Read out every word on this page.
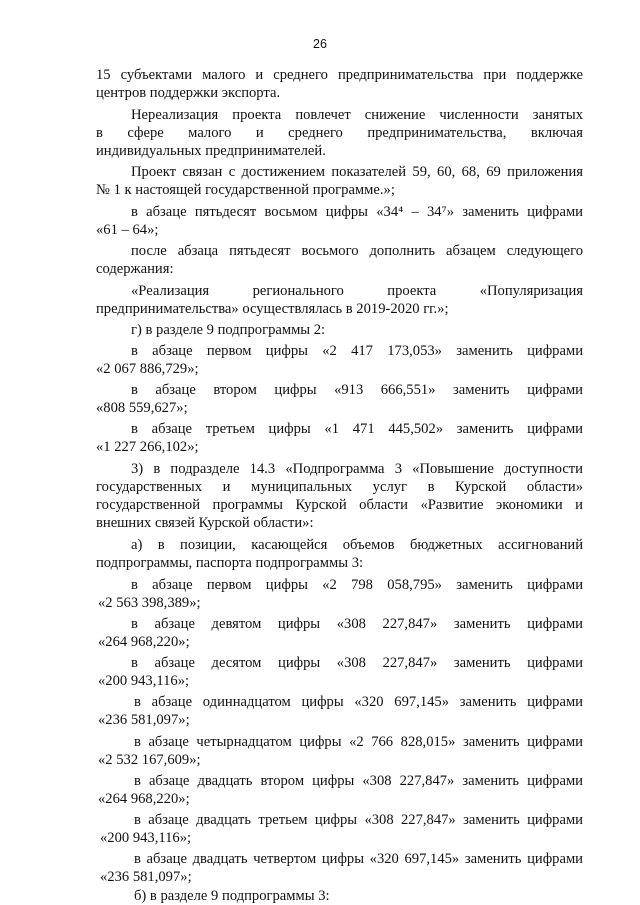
26
15 субъектами малого и среднего предпринимательства при поддержке
центров поддержки экспорта.
Нереализация проекта повлечет снижение численности занятых
в сфере малого и среднего предпринимательства, включая
индивидуальных предпринимателей.
Проект связан с достижением показателей 59, 60, 68, 69 приложения
№ 1 к настоящей государственной программе.»;
в абзаце пятьдесят восьмом цифры «34⁴ – 34⁷» заменить цифрами
«61 – 64»;
после абзаца пятьдесят восьмого дополнить абзацем следующего
содержания:
«Реализация регионального проекта «Популяризация
предпринимательства» осуществлялась в 2019-2020 гг.»;
г) в разделе 9 подпрограммы 2:
в абзаце первом цифры «2 417 173,053» заменить цифрами
«2 067 886,729»;
в абзаце втором цифры «913 666,551» заменить цифрами
«808 559,627»;
в абзаце третьем цифры «1 471 445,502» заменить цифрами
«1 227 266,102»;
3) в подразделе 14.3 «Подпрограмма 3 «Повышение доступности
государственных и муниципальных услуг в Курской области»
государственной программы Курской области «Развитие экономики и
внешних связей Курской области»:
а) в позиции, касающейся объемов бюджетных ассигнований
подпрограммы, паспорта подпрограммы 3:
в абзаце первом цифры «2 798 058,795» заменить цифрами
«2 563 398,389»;
в абзаце девятом цифры «308 227,847» заменить цифрами
«264 968,220»;
в абзаце десятом цифры «308 227,847» заменить цифрами
«200 943,116»;
в абзаце одиннадцатом цифры «320 697,145» заменить цифрами
«236 581,097»;
в абзаце четырнадцатом цифры «2 766 828,015» заменить цифрами
«2 532 167,609»;
в абзаце двадцать втором цифры «308 227,847» заменить цифрами
«264 968,220»;
в абзаце двадцать третьем цифры «308 227,847» заменить цифрами
«200 943,116»;
в абзаце двадцать четвертом цифры «320 697,145» заменить цифрами
«236 581,097»;
б) в разделе 9 подпрограммы 3:
